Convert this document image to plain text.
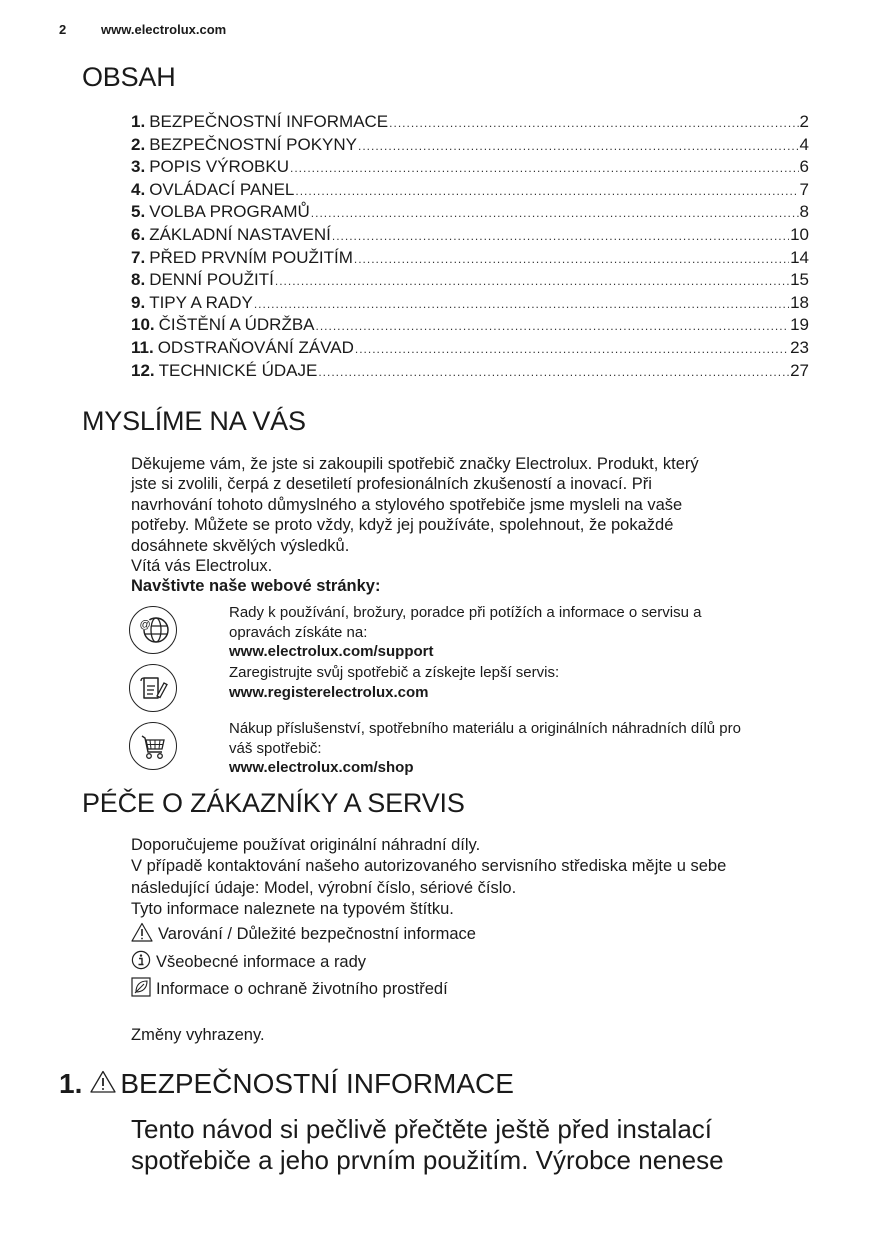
2	www.electrolux.com
OBSAH
1. BEZPEČNOSTNÍ INFORMACE .....	2
2. BEZPEČNOSTNÍ POKYNY .....	4
3. POPIS VÝROBKU .....	6
4. OVLÁDACÍ PANEL .....	7
5. VOLBA PROGRAMŮ .....	8
6. ZÁKLADNÍ NASTAVENÍ .....	10
7. PŘED PRVNÍM POUŽITÍM .....	14
8. DENNÍ POUŽITÍ .....	15
9. TIPY A RADY .....	18
10. ČIŠTĚNÍ A ÚDRŽBA .....	19
11. ODSTRAŇOVÁNÍ ZÁVAD .....	23
12. TECHNICKÉ ÚDAJE .....	27
MYSLÍME NA VÁS

Děkujeme vám, že jste si zakoupili spotřebič značky Electrolux. Produkt, který

jste si zvolili, čerpá z desetiletí profesionálních zkušeností a inovací. Při

navrhování tohoto důmyslného a stylového spotřebiče jsme mysleli na vaše

potřeby. Můžete se proto vždy, když jej používáte, spolehnout, že pokaždé

dosáhnete skvělých výsledků.

Vítá vás Electrolux.

Navštivte naše webové stránky:

@
Rady k používání, brožury, poradce při potížích a informace o servisu a
opravách získáte na:
www.electrolux.com/support
Zaregistrujte svůj spotřebič a získejte lepší servis:
www.registerelectrolux.com
Nákup příslušenství, spotřebního materiálu a originálních náhradních dílů pro
váš spotřebič:
www.electrolux.com/shop
PÉČE O ZÁKAZNÍKY A SERVIS

Doporučujeme používat originální náhradní díly.

V případě kontaktování našeho autorizovaného servisního střediska mějte u sebe

následující údaje: Model, výrobní číslo, sériové číslo.

Tyto informace naleznete na typovém štítku.

Varování / Důležité bezpečnostní informace
Všeobecné informace a rady
Informace o ochraně životního prostředí
Změny vyhrazeny.
1. BEZPEČNOSTNÍ INFORMACE
Tento návod si pečlivě přečtěte ještě před instalací
spotřebiče a jeho prvním použitím. Výrobce nenese
